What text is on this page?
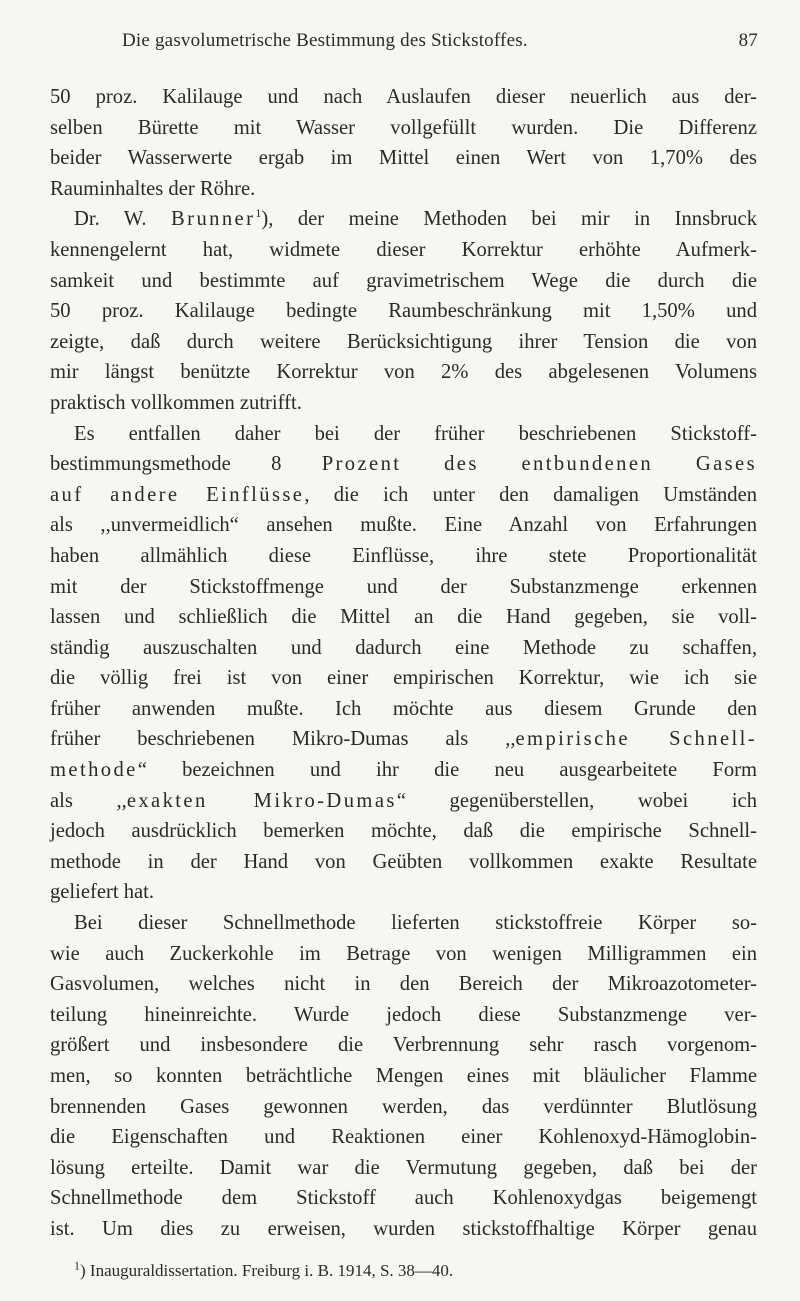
Die gasvolumetrische Bestimmung des Stickstoffes.	87
50 proz. Kalilauge und nach Auslaufen dieser neuerlich aus der-
selben Bürette mit Wasser vollgefüllt wurden. Die Differenz
beider Wasserwerte ergab im Mittel einen Wert von 1,70% des
Rauminhaltes der Röhre.
Dr. W. Brunner$^1$), der meine Methoden bei mir in Innsbruck
kennengelernt hat, widmete dieser Korrektur erhöhte Aufmerk-
samkeit und bestimmte auf gravimetrischem Wege die durch die
50 proz. Kalilauge bedingte Raumbeschränkung mit 1,50% und
zeigte, daß durch weitere Berücksichtigung ihrer Tension die von
mir längst benützte Korrektur von 2% des abgelesenen Volumens
praktisch vollkommen zutrifft.
Es entfallen daher bei der früher beschriebenen Stickstoff-
bestimmungsmethode 8 Prozent des entbundenen Gases
auf andere Einflüsse, die ich unter den damaligen Umständen
als ,,unvermeidlich“ ansehen mußte. Eine Anzahl von Erfahrungen
haben allmählich diese Einflüsse, ihre stete Proportionalität
mit der Stickstoffmenge und der Substanzmenge erkennen
lassen und schließlich die Mittel an die Hand gegeben, sie voll-
ständig auszuschalten und dadurch eine Methode zu schaffen,
die völlig frei ist von einer empirischen Korrektur, wie ich sie
früher anwenden mußte. Ich möchte aus diesem Grunde den
früher beschriebenen Mikro-Dumas als ,,empirische Schnell-
methode“ bezeichnen und ihr die neu ausgearbeitete Form
als ,,exakten Mikro-Dumas“ gegenüberstellen, wobei ich
jedoch ausdrücklich bemerken möchte, daß die empirische Schnell-
methode in der Hand von Geübten vollkommen exakte Resultate
geliefert hat.
Bei dieser Schnellmethode lieferten stickstoffreie Körper so-
wie auch Zuckerkohle im Betrage von wenigen Milligrammen ein
Gasvolumen, welches nicht in den Bereich der Mikroazotometer-
teilung hineinreichte. Wurde jedoch diese Substanzmenge ver-
größert und insbesondere die Verbrennung sehr rasch vorgenom-
men, so konnten beträchtliche Mengen eines mit bläulicher Flamme
brennenden Gases gewonnen werden, das verdünnter Blutlösung
die Eigenschaften und Reaktionen einer Kohlenoxyd-Hämoglobin-
lösung erteilte. Damit war die Vermutung gegeben, daß bei der
Schnellmethode dem Stickstoff auch Kohlenoxydgas beigemengt
ist. Um dies zu erweisen, wurden stickstoffhaltige Körper genau
$^1$) Inauguraldissertation. Freiburg i. B. 1914, S. 38—40.
